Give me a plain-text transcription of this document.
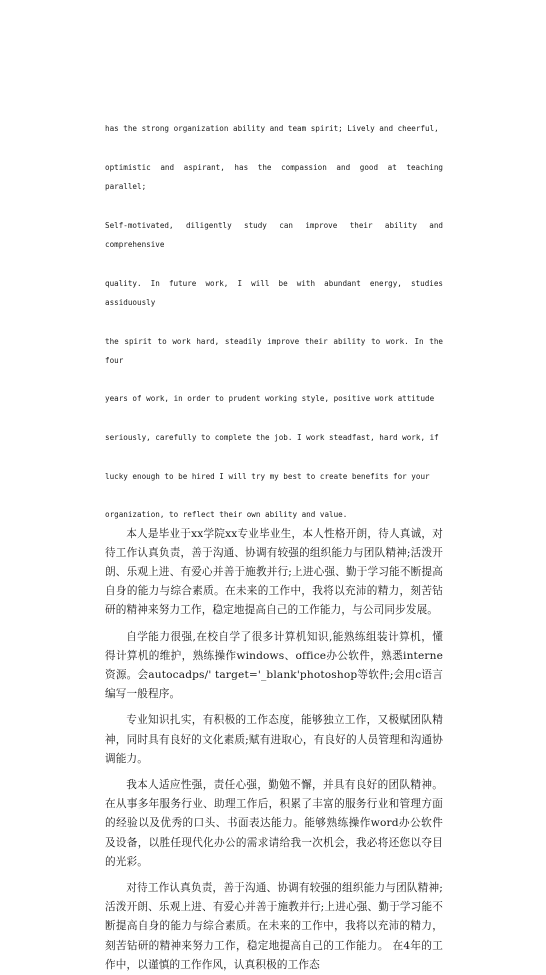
has the strong organization ability and team spirit; Lively and cheerful,

optimistic and aspirant, has the compassion and good at teaching parallel;

Self-motivated, diligently study can improve their ability and comprehensive

quality. In future work, I will be with abundant energy, studies assiduously

the spirit to work hard, steadily improve their ability to work. In the four

years of work, in order to prudent working style, positive work attitude

seriously, carefully to complete the job. I work steadfast, hard work, if

lucky enough to be hired I will try my best to create benefits for your

organization, to reflect their own ability and value.

本人是毕业于xx学院xx专业毕业生，本人性格开朗，待人真诚，对待工作认真负责，善于沟通、协调有较强的组织能力与团队精神;活泼开朗、乐观上进、有爱心并善于施教并行;上进心强、勤于学习能不断提高自身的能力与综合素质。在未来的工作中，我将以充沛的精力，刻苦钻研的精神来努力工作，稳定地提高自己的工作能力，与公司同步发展。

自学能力很强,在校自学了很多计算机知识,能熟练组装计算机，懂得计算机的维护，熟练操作windows、office办公软件，熟悉interne资源。会autocadps/' target='_blank'photoshop等软件;会用c语言编写一般程序。

专业知识扎实，有积极的工作态度，能够独立工作，又极赋团队精神，同时具有良好的文化素质;赋有进取心，有良好的人员管理和沟通协调能力。

我本人适应性强，责任心强，勤勉不懈，并具有良好的团队精神。在从事多年服务行业、助理工作后，积累了丰富的服务行业和管理方面的经验以及优秀的口头、书面表达能力。能够熟练操作word办公软件及设备，以胜任现代化办公的需求请给我一次机会，我必将还您以夺目的光彩。

对待工作认真负责，善于沟通、协调有较强的组织能力与团队精神;活泼开朗、乐观上进、有爱心并善于施教并行;上进心强、勤于学习能不断提高自身的能力与综合素质。在未来的工作中，我将以充沛的精力，刻苦钻研的精神来努力工作，稳定地提高自己的工作能力。 在4年的工作中，以谨慎的工作作风，认真积极的工作态
